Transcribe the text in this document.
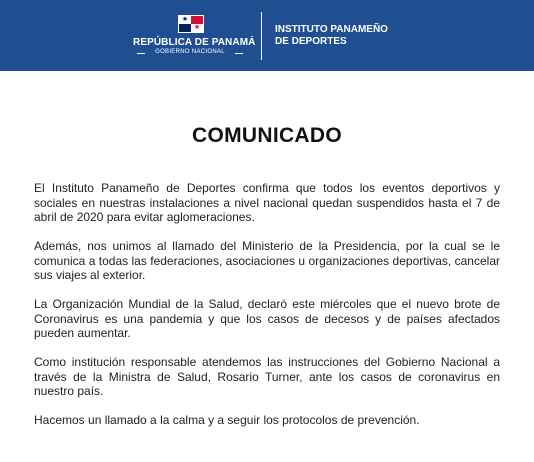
★
★
REPÚBLICA DE PANAMÁ
GOBIERNO NACIONAL
INSTITUTO PANAMEÑO
DE DEPORTES
COMUNICADO

El Instituto Panameño de Deportes confirma que todos los eventos deportivos y sociales en nuestras instalaciones a nivel nacional quedan suspendidos hasta el 7 de abril de 2020 para evitar aglomeraciones.

Además, nos unimos al llamado del Ministerio de la Presidencia, por la cual se le comunica a todas las federaciones, asociaciones u organizaciones deportivas, cancelar sus viajes al exterior.

La Organización Mundial de la Salud, declaró este miércoles que el nuevo brote de Coronavirus es una pandemia y que los casos de decesos y de países afectados pueden aumentar.

Como institución responsable atendemos las instrucciones del Gobierno Nacional a través de la Ministra de Salud, Rosario Turner, ante los casos de coronavirus en nuestro país.

Hacemos un llamado a la calma y a seguir los protocolos de prevención.
